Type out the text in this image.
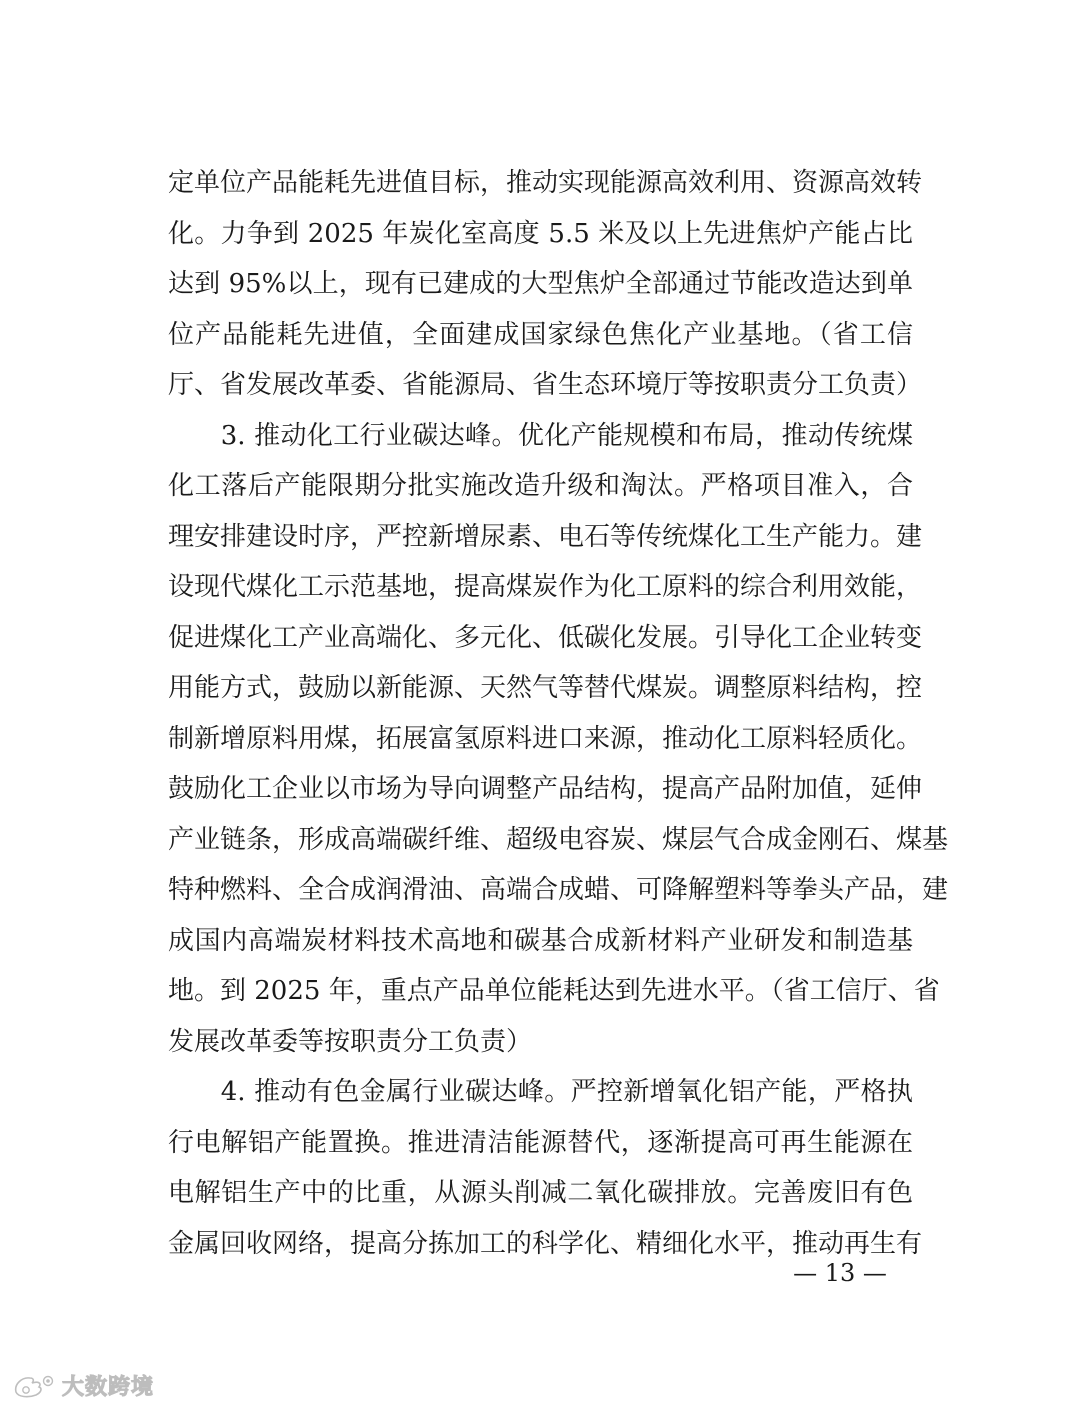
定单位产品能耗先进值目标，推动实现能源高效利用、资源高效转
化。力争到 2025 年炭化室高度 5.5 米及以上先进焦炉产能占比
达到 95%以上，现有已建成的大型焦炉全部通过节能改造达到单
位产品能耗先进值，全面建成国家绿色焦化产业基地。（省工信
厅、省发展改革委、省能源局、省生态环境厅等按职责分工负责）
　　3. 推动化工行业碳达峰。优化产能规模和布局，推动传统煤
化工落后产能限期分批实施改造升级和淘汰。严格项目准入，合
理安排建设时序，严控新增尿素、电石等传统煤化工生产能力。建
设现代煤化工示范基地，提高煤炭作为化工原料的综合利用效能，
促进煤化工产业高端化、多元化、低碳化发展。引导化工企业转变
用能方式，鼓励以新能源、天然气等替代煤炭。调整原料结构，控
制新增原料用煤，拓展富氢原料进口来源，推动化工原料轻质化。
鼓励化工企业以市场为导向调整产品结构，提高产品附加值，延伸
产业链条，形成高端碳纤维、超级电容炭、煤层气合成金刚石、煤基
特种燃料、全合成润滑油、高端合成蜡、可降解塑料等拳头产品，建
成国内高端炭材料技术高地和碳基合成新材料产业研发和制造基
地。到 2025 年，重点产品单位能耗达到先进水平。（省工信厅、省
发展改革委等按职责分工负责）
　　4. 推动有色金属行业碳达峰。严控新增氧化铝产能，严格执
行电解铝产能置换。推进清洁能源替代，逐渐提高可再生能源在
电解铝生产中的比重，从源头削减二氧化碳排放。完善废旧有色
金属回收网络，提高分拣加工的科学化、精细化水平，推动再生有
— 13 —
大数跨境
